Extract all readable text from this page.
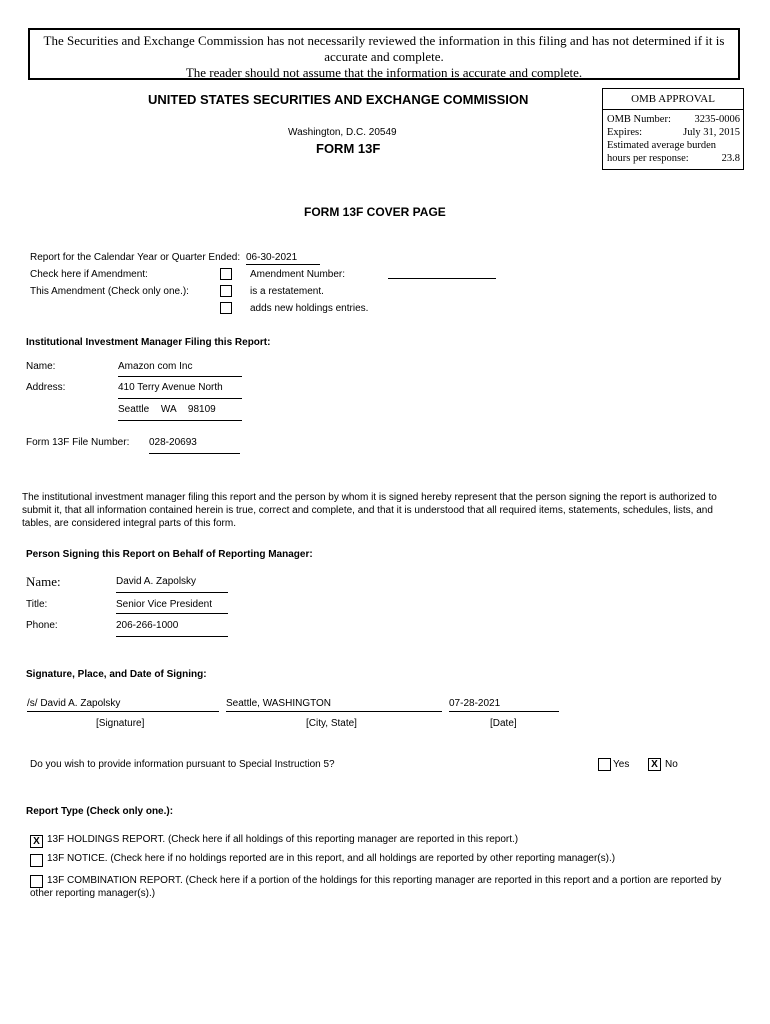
The Securities and Exchange Commission has not necessarily reviewed the information in this filing and has not determined if it is accurate and complete.
The reader should not assume that the information is accurate and complete.
UNITED STATES SECURITIES AND EXCHANGE COMMISSION
Washington, D.C. 20549
FORM 13F
OMB APPROVAL
OMB Number: 3235-0006
Expires:	July 31, 2015
Estimated average burden
hours per response:	23.8
FORM 13F COVER PAGE
Report for the Calendar Year or Quarter Ended: 06-30-2021
Check here if Amendment:	Amendment Number:
This Amendment (Check only one.):	is a restatement.
adds new holdings entries.
Institutional Investment Manager Filing this Report:
Name:	Amazon com Inc
Address:	410 Terry Avenue North
Seattle WA 98109
Form 13F File Number: 028-20693
The institutional investment manager filing this report and the person by whom it is signed hereby represent that the person signing the report is authorized to submit it, that all information contained herein is true, correct and complete, and that it is understood that all required items, statements, schedules, lists, and tables, are considered integral parts of this form.
Person Signing this Report on Behalf of Reporting Manager:
Name:	David A. Zapolsky
Title:	Senior Vice President
Phone:	206-266-1000
Signature, Place, and Date of Signing:
/s/ David A. Zapolsky	Seattle, WASHINGTON	07-28-2021
[Signature]	[City, State]	[Date]
Do you wish to provide information pursuant to Special Instruction 5?	Yes	X No
Report Type (Check only one.):
X 13F HOLDINGS REPORT. (Check here if all holdings of this reporting manager are reported in this report.)
13F NOTICE. (Check here if no holdings reported are in this report, and all holdings are reported by other reporting manager(s).)
13F COMBINATION REPORT. (Check here if a portion of the holdings for this reporting manager are reported in this report and a portion are reported by other reporting manager(s).)
